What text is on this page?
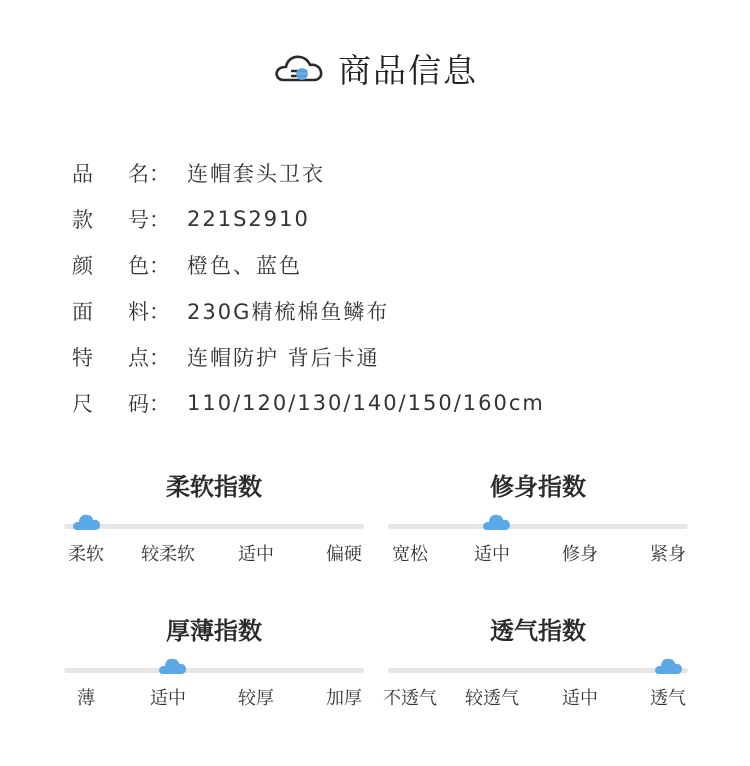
商品信息
品	名： 连帽套头卫衣
款	号： 221S2910
颜	色： 橙色、蓝色
面	料： 230G精梳棉鱼鳞布
特	点： 连帽防护 背后卡通
尺	码： 110/120/130/140/150/160cm
柔软指数
柔软 较柔软 适中	偏硬
修身指数
宽松	适中	修身	紧身
厚薄指数
薄	适中	较厚	加厚
透气指数
不透气 较透气 适中	透气
